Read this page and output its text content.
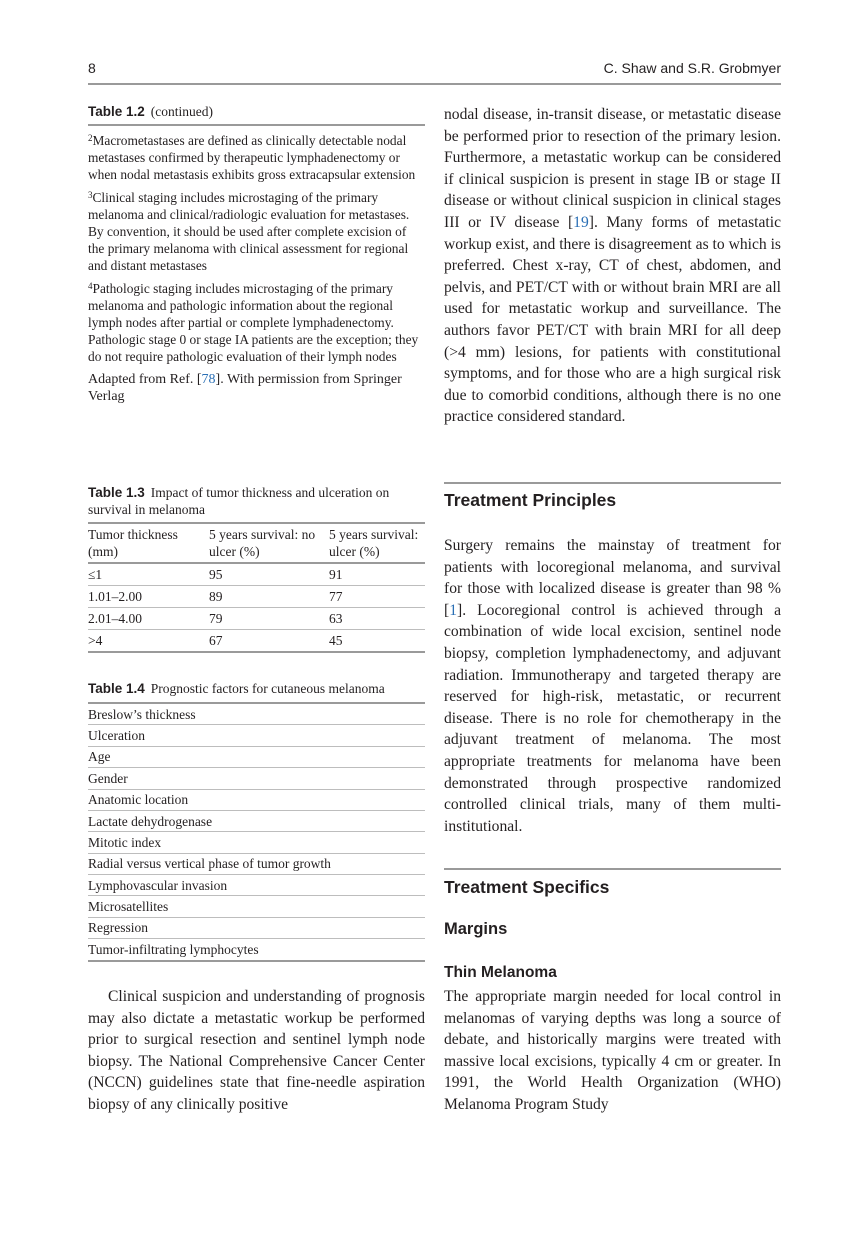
8	C. Shaw and S.R. Grobmyer
Table 1.2 (continued)

$^2$Macrometastases are defined as clinically detectable nodal metastases confirmed by therapeutic lymphadenectomy or when nodal metastasis exhibits gross extracapsular extension

$^3$Clinical staging includes microstaging of the primary melanoma and clinical/radiologic evaluation for metastases. By convention, it should be used after complete excision of the primary melanoma with clinical assessment for regional and distant metastases

$^4$Pathologic staging includes microstaging of the primary melanoma and pathologic information about the regional lymph nodes after partial or complete lymphadenectomy. Pathologic stage 0 or stage IA patients are the exception; they do not require pathologic evaluation of their lymph nodes

Adapted from Ref. [78]. With permission from Springer Verlag

Table 1.3 Impact of tumor thickness and ulceration on survival in melanoma
Tumor thickness (mm)	5 years survival: no ulcer (%)	5 years survival: ulcer (%)
≤1	95	91
1.01–2.00	89	77
2.01–4.00	79	63
>4	67	45
Table 1.4 Prognostic factors for cutaneous melanoma
Breslow’s thickness
Ulceration
Age
Gender
Anatomic location
Lactate dehydrogenase
Mitotic index
Radial versus vertical phase of tumor growth
Lymphovascular invasion
Microsatellites
Regression
Tumor-infiltrating lymphocytes
Clinical suspicion and understanding of prognosis may also dictate a metastatic workup be performed prior to surgical resection and sentinel lymph node biopsy. The National Comprehensive Cancer Center (NCCN) guidelines state that fine-needle aspiration biopsy of any clinically positive
nodal disease, in-transit disease, or metastatic disease be performed prior to resection of the primary lesion. Furthermore, a metastatic workup can be considered if clinical suspicion is present in stage IB or stage II disease or without clinical suspicion in clinical stages III or IV disease [19]. Many forms of metastatic workup exist, and there is disagreement as to which is preferred. Chest x-ray, CT of chest, abdomen, and pelvis, and PET/CT with or without brain MRI are all used for metastatic workup and surveillance. The authors favor PET/CT with brain MRI for all deep (>4 mm) lesions, for patients with constitutional symptoms, and for those who are a high surgical risk due to comorbid conditions, although there is no one practice considered standard.
Treatment Principles
Surgery remains the mainstay of treatment for patients with locoregional melanoma, and survival for those with localized disease is greater than 98 % [1]. Locoregional control is achieved through a combination of wide local excision, sentinel node biopsy, completion lymphadenectomy, and adjuvant radiation. Immunotherapy and targeted therapy are reserved for high-risk, metastatic, or recurrent disease. There is no role for chemotherapy in the adjuvant treatment of melanoma. The most appropriate treatments for melanoma have been demonstrated through prospective randomized controlled clinical trials, many of them multi-institutional.
Treatment Specifics
Margins
Thin Melanoma
The appropriate margin needed for local control in melanomas of varying depths was long a source of debate, and historically margins were treated with massive local excisions, typically 4 cm or greater. In 1991, the World Health Organization (WHO) Melanoma Program Study
